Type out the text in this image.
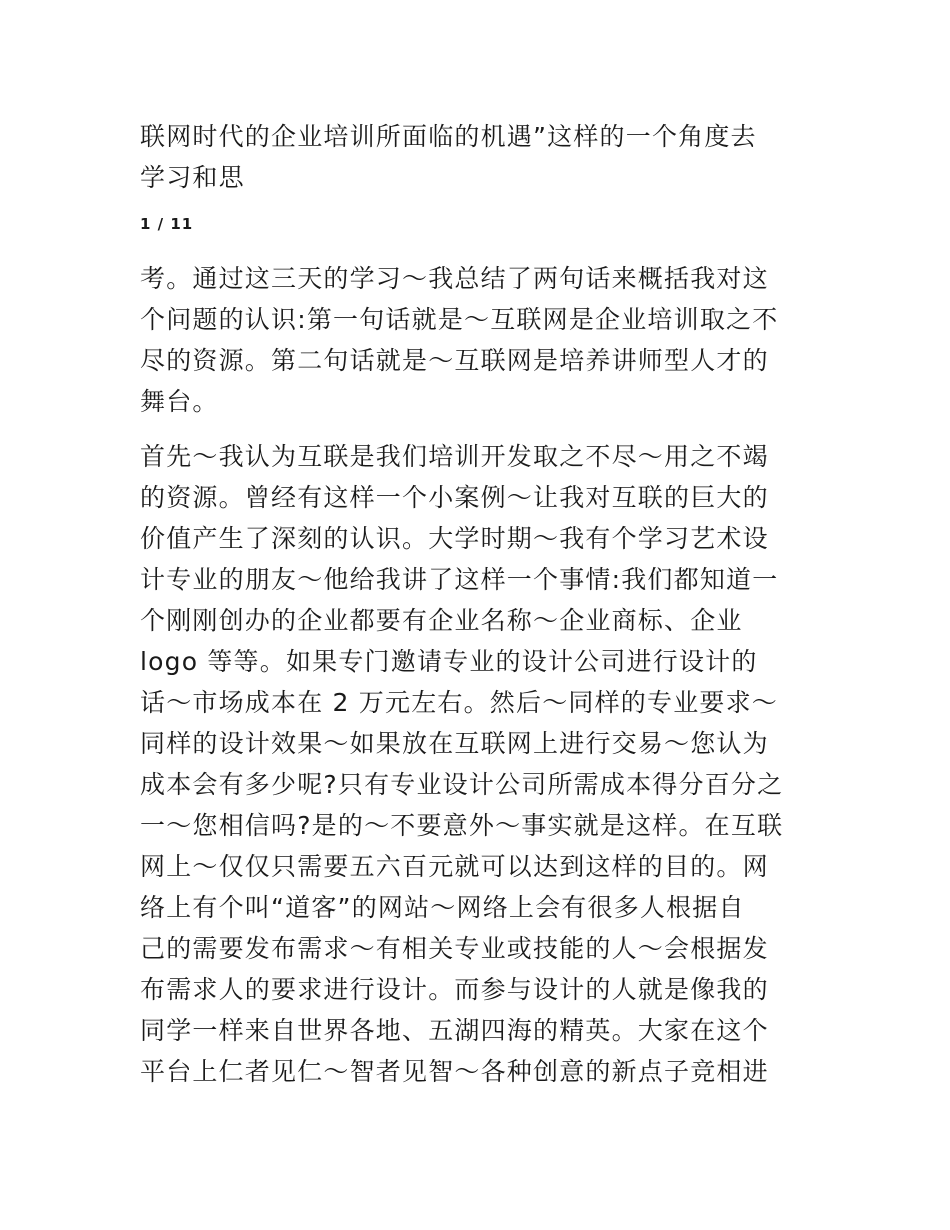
联网时代的企业培训所面临的机遇”这样的一个角度去
学习和思

1 / 11

考。通过这三天的学习～我总结了两句话来概括我对这
个问题的认识:第一句话就是～互联网是企业培训取之不
尽的资源。第二句话就是～互联网是培养讲师型人才的
舞台。

首先～我认为互联是我们培训开发取之不尽～用之不竭
的资源。曾经有这样一个小案例～让我对互联的巨大的
价值产生了深刻的认识。大学时期～我有个学习艺术设
计专业的朋友～他给我讲了这样一个事情:我们都知道一
个刚刚创办的企业都要有企业名称～企业商标、企业
logo 等等。如果专门邀请专业的设计公司进行设计的
话～市场成本在 2 万元左右。然后～同样的专业要求～
同样的设计效果～如果放在互联网上进行交易～您认为
成本会有多少呢?只有专业设计公司所需成本得分百分之
一～您相信吗?是的～不要意外～事实就是这样。在互联
网上～仅仅只需要五六百元就可以达到这样的目的。网
络上有个叫“道客”的网站～网络上会有很多人根据自
己的需要发布需求～有相关专业或技能的人～会根据发
布需求人的要求进行设计。而参与设计的人就是像我的
同学一样来自世界各地、五湖四海的精英。大家在这个
平台上仁者见仁～智者见智～各种创意的新点子竞相进
